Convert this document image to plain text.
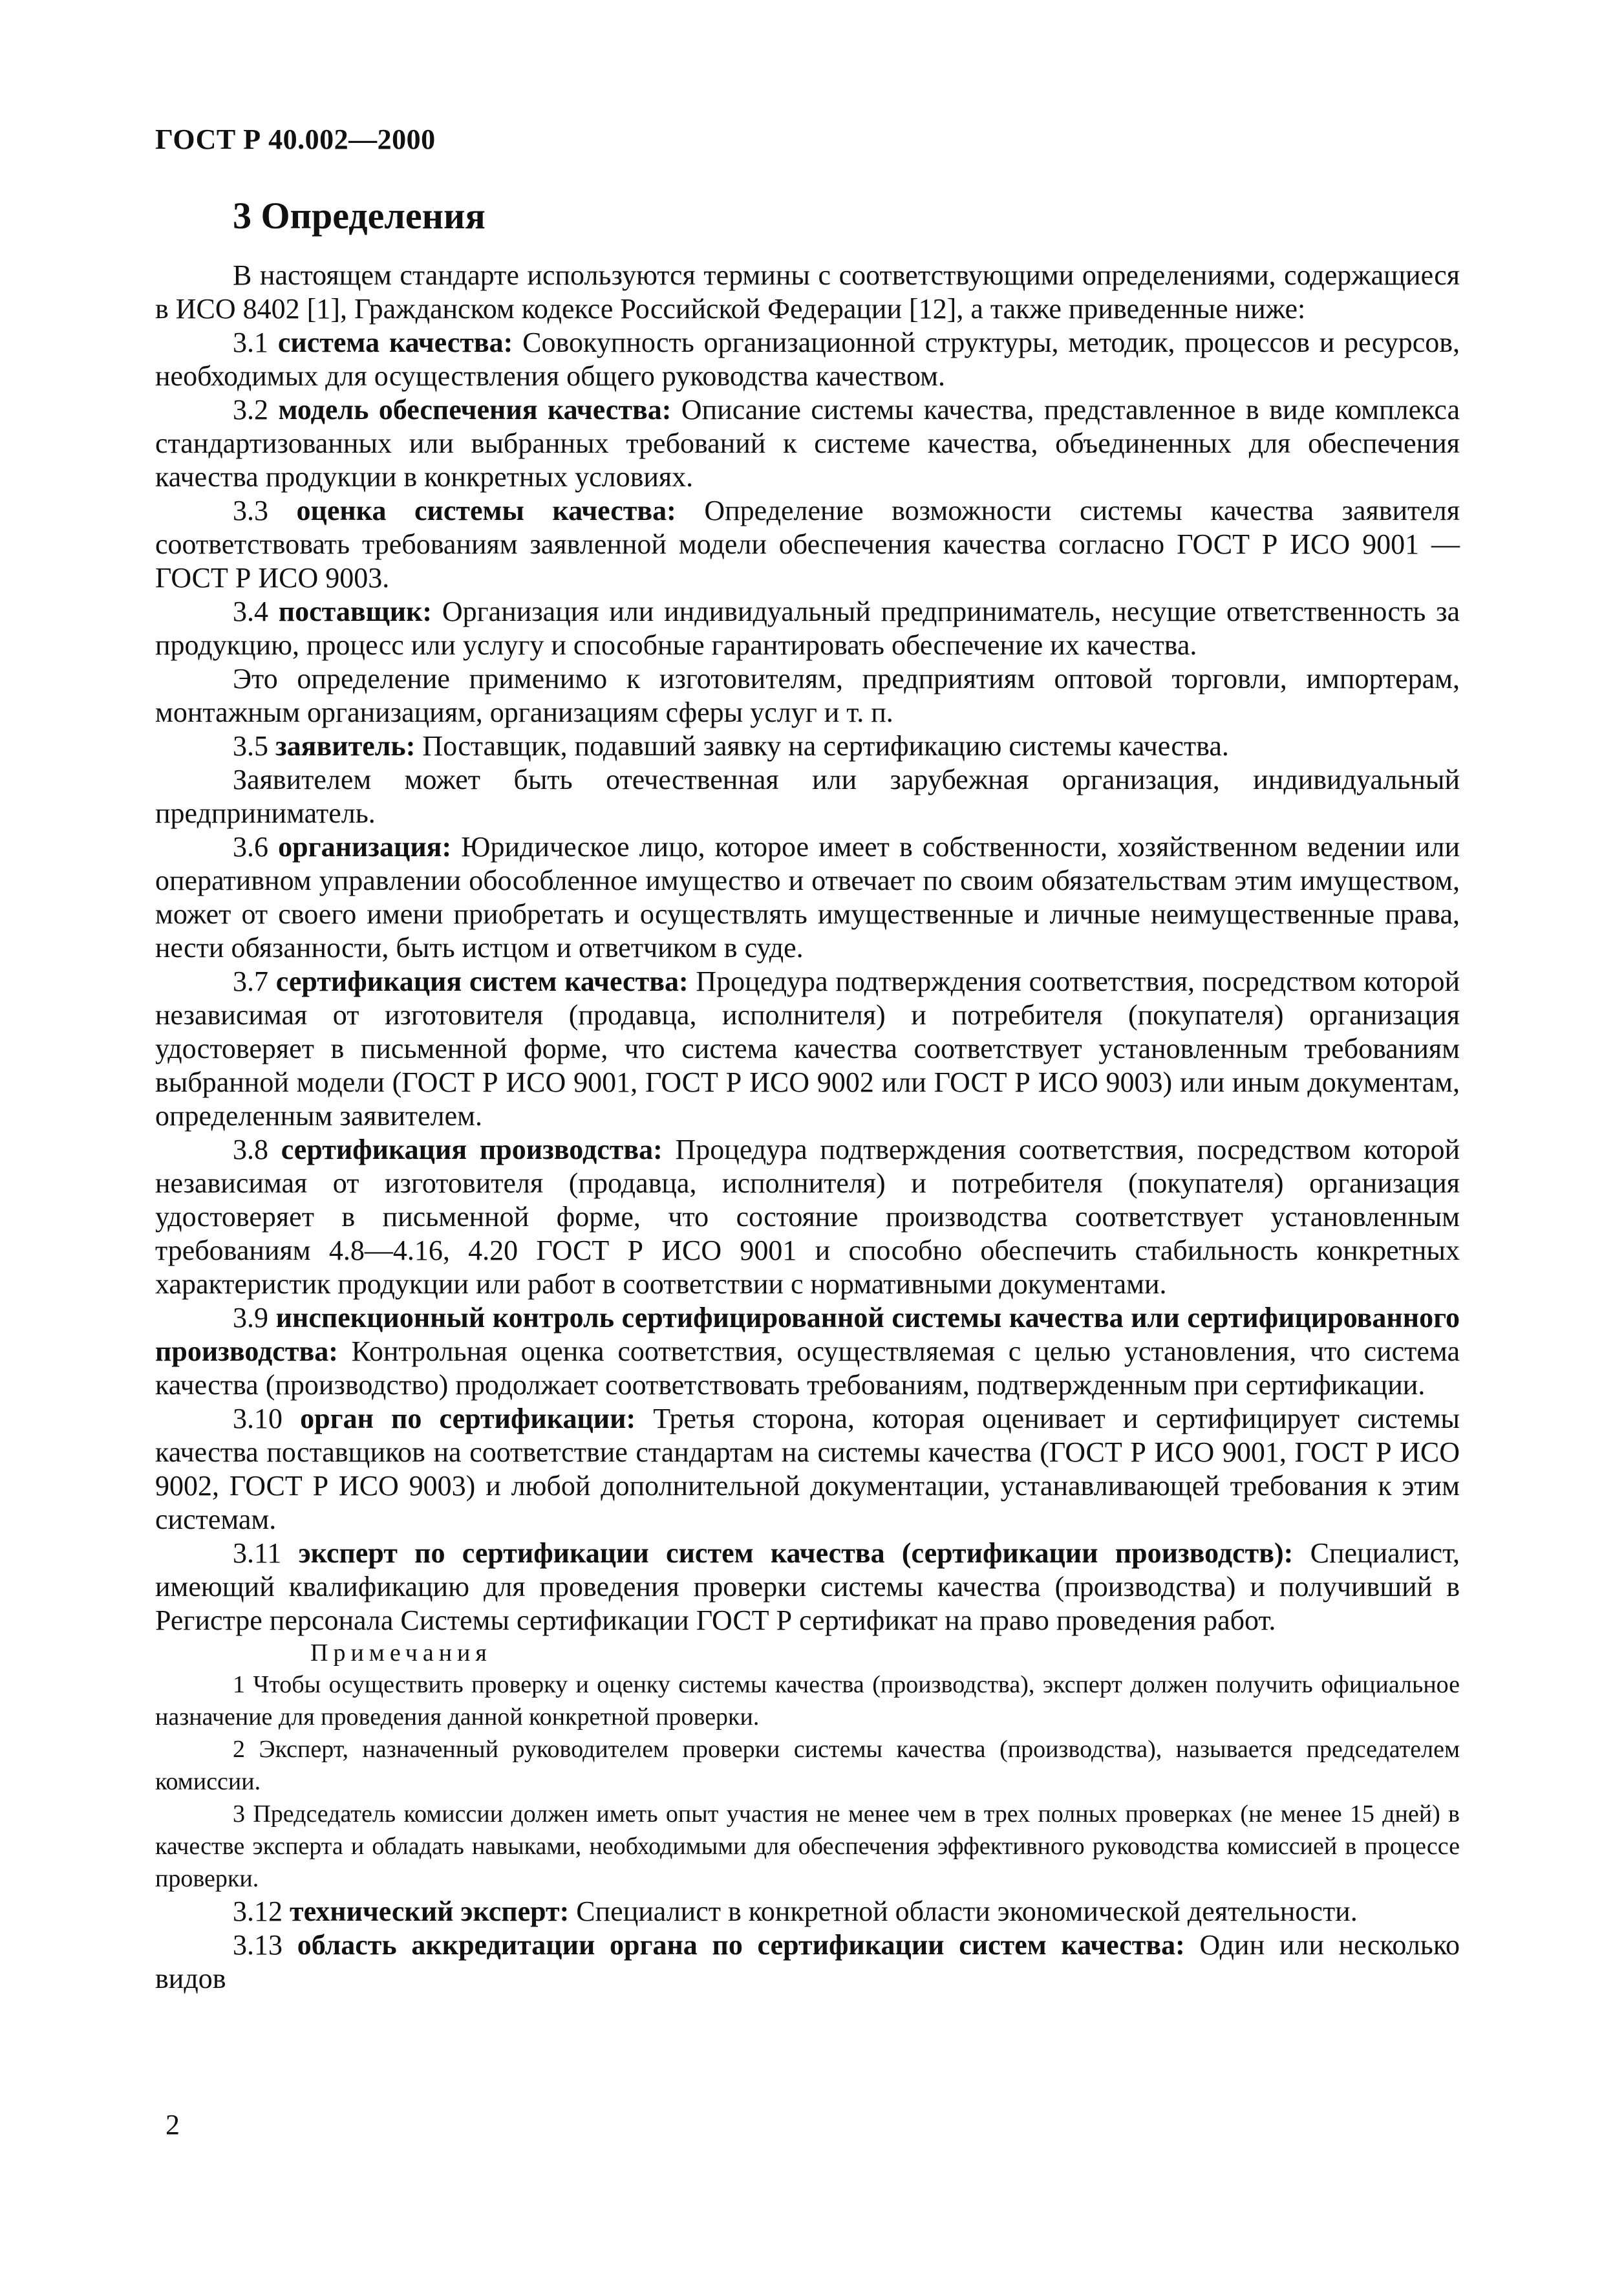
ГОСТ Р 40.002—2000
3 Определения

В настоящем стандарте используются термины с соответствующими определениями, содержащиеся в ИСО 8402 [1], Гражданском кодексе Российской Федерации [12], а также приведенные ниже:

3.1 система качества: Совокупность организационной структуры, методик, процессов и ресурсов, необходимых для осуществления общего руководства качеством.

3.2 модель обеспечения качества: Описание системы качества, представленное в виде комплекса стандартизованных или выбранных требований к системе качества, объединенных для обеспечения качества продукции в конкретных условиях.

3.3 оценка системы качества: Определение возможности системы качества заявителя соответствовать требованиям заявленной модели обеспечения качества согласно ГОСТ Р ИСО 9001 — ГОСТ Р ИСО 9003.

3.4 поставщик: Организация или индивидуальный предприниматель, несущие ответственность за продукцию, процесс или услугу и способные гарантировать обеспечение их качества.

Это определение применимо к изготовителям, предприятиям оптовой торговли, импортерам, монтажным организациям, организациям сферы услуг и т. п.

3.5 заявитель: Поставщик, подавший заявку на сертификацию системы качества.

Заявителем может быть отечественная или зарубежная организация, индивидуальный предприниматель.

3.6 организация: Юридическое лицо, которое имеет в собственности, хозяйственном ведении или оперативном управлении обособленное имущество и отвечает по своим обязательствам этим имуществом, может от своего имени приобретать и осуществлять имущественные и личные неимущественные права, нести обязанности, быть истцом и ответчиком в суде.

3.7 сертификация систем качества: Процедура подтверждения соответствия, посредством которой независимая от изготовителя (продавца, исполнителя) и потребителя (покупателя) организация удостоверяет в письменной форме, что система качества соответствует установленным требованиям выбранной модели (ГОСТ Р ИСО 9001, ГОСТ Р ИСО 9002 или ГОСТ Р ИСО 9003) или иным документам, определенным заявителем.

3.8 сертификация производства: Процедура подтверждения соответствия, посредством которой независимая от изготовителя (продавца, исполнителя) и потребителя (покупателя) организация удостоверяет в письменной форме, что состояние производства соответствует установленным требованиям 4.8—4.16, 4.20 ГОСТ Р ИСО 9001 и способно обеспечить стабильность конкретных характеристик продукции или работ в соответствии с нормативными документами.

3.9 инспекционный контроль сертифицированной системы качества или сертифицированного производства: Контрольная оценка соответствия, осуществляемая с целью установления, что система качества (производство) продолжает соответствовать требованиям, подтвержденным при сертификации.

3.10 орган по сертификации: Третья сторона, которая оценивает и сертифицирует системы качества поставщиков на соответствие стандартам на системы качества (ГОСТ Р ИСО 9001, ГОСТ Р ИСО 9002, ГОСТ Р ИСО 9003) и любой дополнительной документации, устанавливающей требования к этим системам.

3.11 эксперт по сертификации систем качества (сертификации производств): Специалист, имеющий квалификацию для проведения проверки системы качества (производства) и получивший в Регистре персонала Системы сертификации ГОСТ Р сертификат на право проведения работ.

Примечания

1 Чтобы осуществить проверку и оценку системы качества (производства), эксперт должен получить официальное назначение для проведения данной конкретной проверки.

2 Эксперт, назначенный руководителем проверки системы качества (производства), называется председателем комиссии.

3 Председатель комиссии должен иметь опыт участия не менее чем в трех полных проверках (не менее 15 дней) в качестве эксперта и обладать навыками, необходимыми для обеспечения эффективного руководства комиссией в процессе проверки.

3.12 технический эксперт: Специалист в конкретной области экономической деятельности.

3.13 область аккредитации органа по сертификации систем качества: Один или несколько видов

2
